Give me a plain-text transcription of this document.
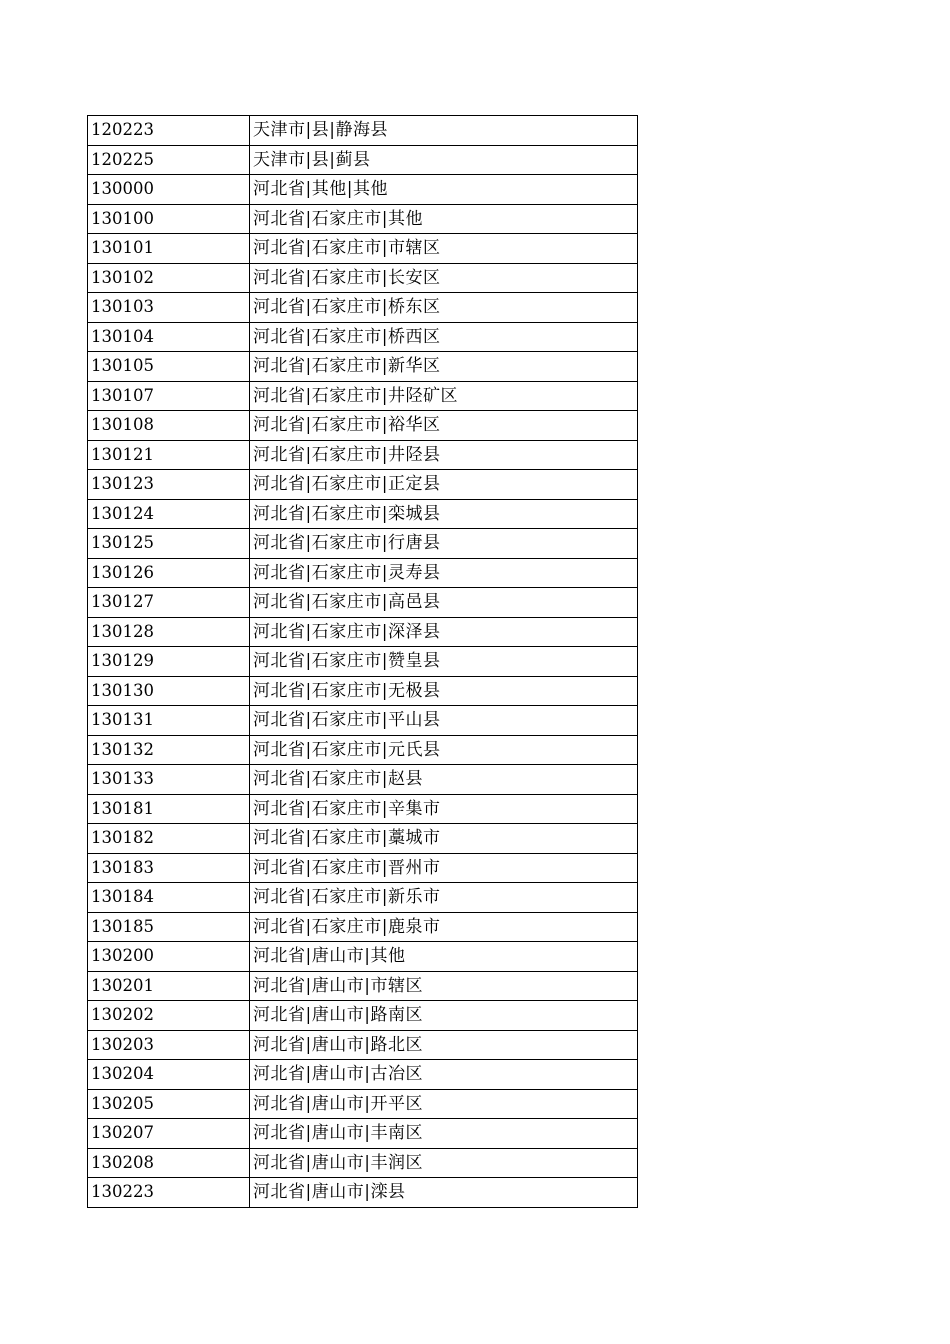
120223	天津市|县|静海县
120225	天津市|县|蓟县
130000	河北省|其他|其他
130100	河北省|石家庄市|其他
130101	河北省|石家庄市|市辖区
130102	河北省|石家庄市|长安区
130103	河北省|石家庄市|桥东区
130104	河北省|石家庄市|桥西区
130105	河北省|石家庄市|新华区
130107	河北省|石家庄市|井陉矿区
130108	河北省|石家庄市|裕华区
130121	河北省|石家庄市|井陉县
130123	河北省|石家庄市|正定县
130124	河北省|石家庄市|栾城县
130125	河北省|石家庄市|行唐县
130126	河北省|石家庄市|灵寿县
130127	河北省|石家庄市|高邑县
130128	河北省|石家庄市|深泽县
130129	河北省|石家庄市|赞皇县
130130	河北省|石家庄市|无极县
130131	河北省|石家庄市|平山县
130132	河北省|石家庄市|元氏县
130133	河北省|石家庄市|赵县
130181	河北省|石家庄市|辛集市
130182	河北省|石家庄市|藁城市
130183	河北省|石家庄市|晋州市
130184	河北省|石家庄市|新乐市
130185	河北省|石家庄市|鹿泉市
130200	河北省|唐山市|其他
130201	河北省|唐山市|市辖区
130202	河北省|唐山市|路南区
130203	河北省|唐山市|路北区
130204	河北省|唐山市|古冶区
130205	河北省|唐山市|开平区
130207	河北省|唐山市|丰南区
130208	河北省|唐山市|丰润区
130223	河北省|唐山市|滦县
